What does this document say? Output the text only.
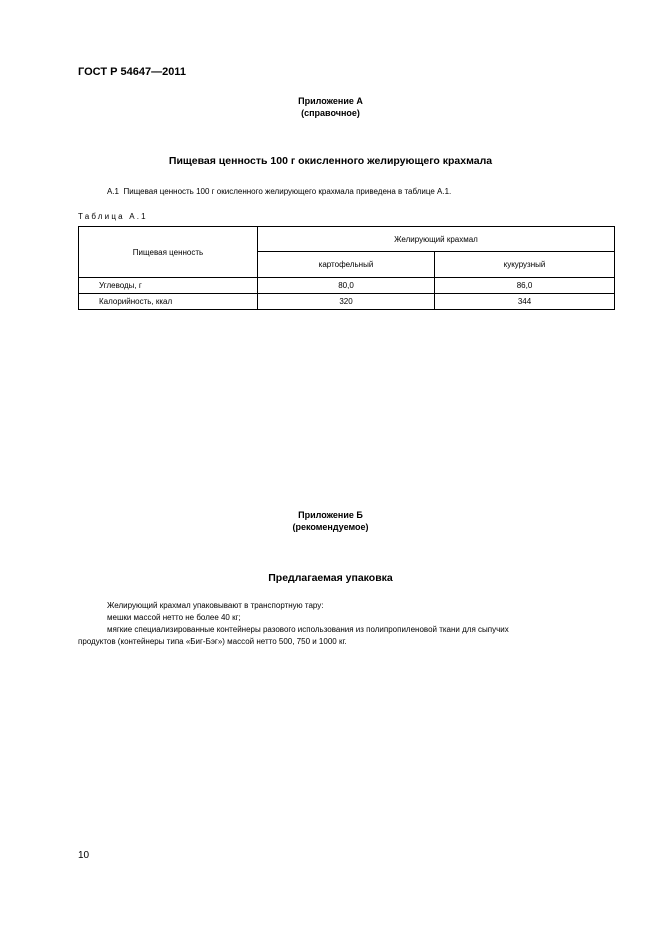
ГОСТ Р 54647—2011
Приложение А
(справочное)
Пищевая ценность 100 г окисленного желирующего крахмала
А.1 Пищевая ценность 100 г окисленного желирующего крахмала приведена в таблице А.1.
Таблица А.1
Пищевая ценность	Желирующий крахмал	
	картофельный	кукурузный
Углеводы, г	80,0	86,0
Калорийность, ккал	320	344
Приложение Б
(рекомендуемое)
Предлагаемая упаковка
Желирующий крахмал упаковывают в транспортную тару:
мешки массой нетто не более 40 кг;
мягкие специализированные контейнеры разового использования из полипропиленовой ткани для сыпучих
продуктов (контейнеры типа «Биг-Бэг») массой нетто 500, 750 и 1000 кг.
10
